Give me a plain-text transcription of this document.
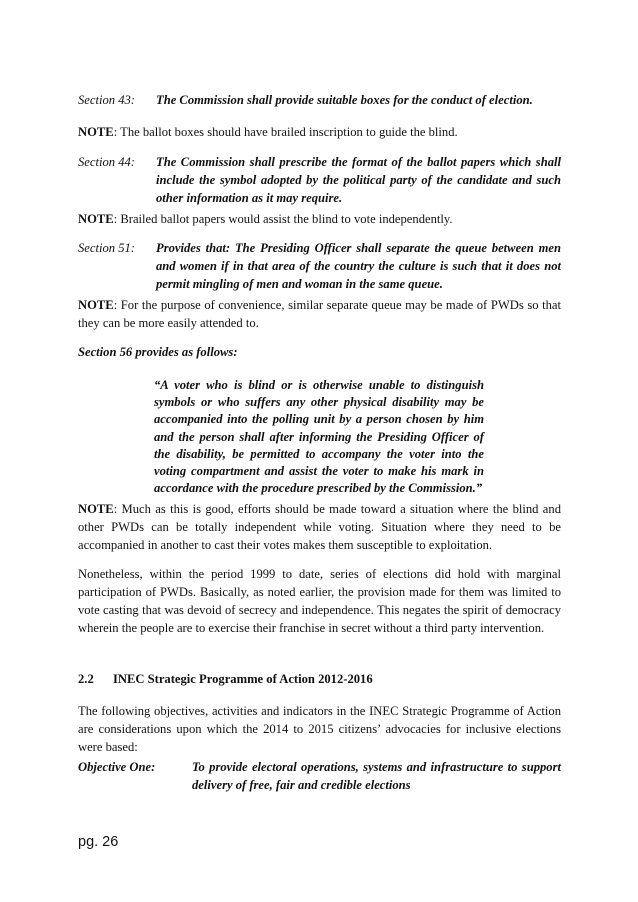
Section 43:	The Commission shall provide suitable boxes for the conduct of election.
NOTE: The ballot boxes should have brailed inscription to guide the blind.
Section 44:	The Commission shall prescribe the format of the ballot papers which shall include the symbol adopted by the political party of the candidate and such other information as it may require.
NOTE: Brailed ballot papers would assist the blind to vote independently.
Section 51:	Provides that: The Presiding Officer shall separate the queue between men and women if in that area of the country the culture is such that it does not permit mingling of men and woman in the same queue.
NOTE: For the purpose of convenience, similar separate queue may be made of PWDs so that they can be more easily attended to.
Section 56 provides as follows:
“A voter who is blind or is otherwise unable to distinguish symbols or who suffers any other physical disability may be accompanied into the polling unit by a person chosen by him and the person shall after informing the Presiding Officer of the disability, be permitted to accompany the voter into the voting compartment and assist the voter to make his mark in accordance with the procedure prescribed by the Commission.”
NOTE: Much as this is good, efforts should be made toward a situation where the blind and other PWDs can be totally independent while voting. Situation where they need to be accompanied in another to cast their votes makes them susceptible to exploitation.
Nonetheless, within the period 1999 to date, series of elections did hold with marginal participation of PWDs. Basically, as noted earlier, the provision made for them was limited to vote casting that was devoid of secrecy and independence. This negates the spirit of democracy wherein the people are to exercise their franchise in secret without a third party intervention.
2.2	INEC Strategic Programme of Action 2012-2016
The following objectives, activities and indicators in the INEC Strategic Programme of Action are considerations upon which the 2014 to 2015 citizens’ advocacies for inclusive elections were based:
Objective One:	To provide electoral operations, systems and infrastructure to support delivery of free, fair and credible elections
pg. 26
